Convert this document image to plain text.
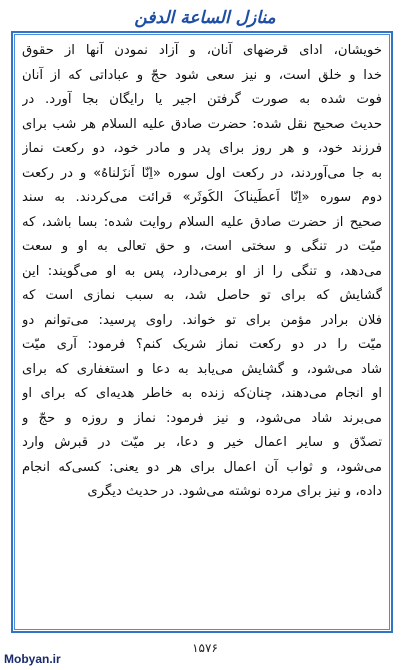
منازل الساعة الدفن
خویشان، ادای قرضهای آنان، و آزاد نمودن آنها از حقوق
خدا و خلق است، و نیز سعی شود حجّ و عباداتی که از آنان
فوت شده به صورت گرفتن اجیر یا رایگان بجا آورد. در
حدیث صحیح نقل شده: حضرت صادق علیه السلام هر شب برای
فرزند خود، و هر روز برای پدر و مادر خود، دو رکعت نماز
به جا می‌آوردند، در رکعت اول سوره «اِنّا اَنزَلناهُ» و در رکعت
دوم سوره «اِنّا اَعطَیناکَ الکَوثَر» قرائت می‌کردند. به سند
صحیح از حضرت صادق علیه السلام روایت شده: بسا باشد، که
میّت در تنگی و سختی است، و حق تعالی به او و سعت
می‌دهد، و تنگی را از او برمی‌دارد، پس به او می‌گویند: این
گشایش که برای تو حاصل شد، به سبب نمازی است که
فلان برادر مؤمن برای تو خواند. راوی پرسید: می‌توانم دو
میّت را در دو رکعت نماز شریک کنم؟ فرمود: آری میّت
شاد می‌شود، و گشایش می‌یابد به دعا و استغفاری که برای
او انجام می‌دهند، چنان‌که زنده به خاطر هدیه‌ای که برای او
می‌برند شاد می‌شود، و نیز فرمود: نماز و روزه و حجّ و
تصدّق و سایر اعمال خیر و دعا، بر میّت در قبرش وارد
می‌شود، و ثواب آن اعمال برای هر دو یعنی: کسی‌که انجام
داده، و نیز برای مرده نوشته می‌شود. در حدیث دیگری
۱۵۷۶
Mobyan.ir
